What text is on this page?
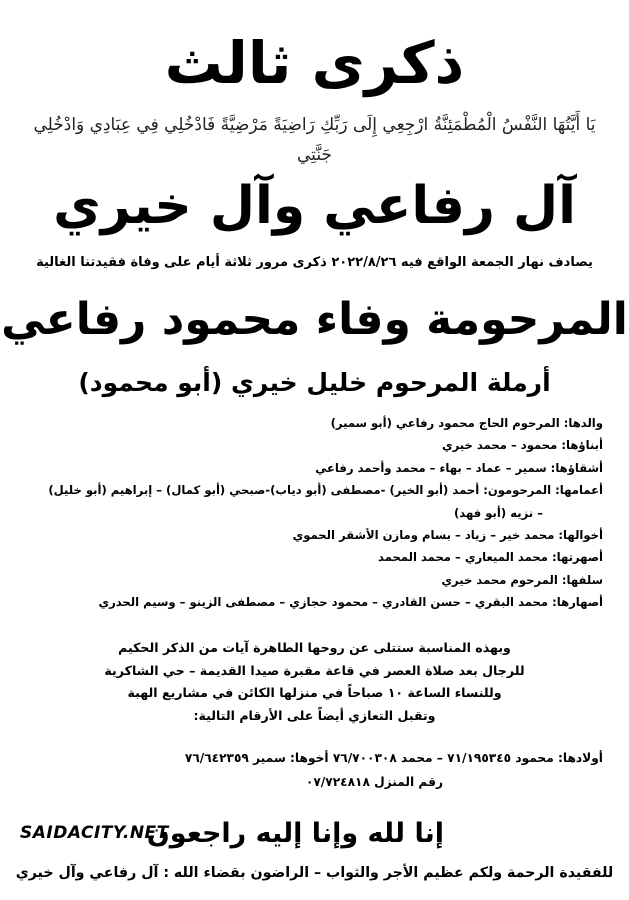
ذكرى ثالث
يَا أَيَّتُهَا النَّفْسُ الْمُطْمَئِنَّةُ ارْجِعِي إِلَى رَبِّكِ رَاضِيَةً مَرْضِيَّةً فَادْخُلِي فِي عِبَادِي وَادْخُلِي جَنَّتِي
آل رفاعي وآل خيري
يصادف نهار الجمعة الواقع فيه ٢٠٢٢/٨/٢٦ ذكرى مرور ثلاثة أيام على وفاة فقيدتنا الغالية
المرحومة وفاء محمود رفاعي
أرملة المرحوم خليل خيري (أبو محمود)
والدها: المرحوم الحاج محمود رفاعي (أبو سمير)
أبناؤها: محمود – محمد خيري
أشقاؤها: سمير – عماد – بهاء – محمد وأحمد رفاعي
أعمامها: المرحومون: أحمد (أبو الخير) -مصطفى (أبو دياب)-صبحي (أبو كمال) – إبراهيم (أبو خليل)
– نزيه (أبو فهد)
أخوالها: محمد خير – زياد – بسام ومازن الأشقر الحموي
أصهرتها: محمد الميعاري – محمد المحمد
سلفها: المرحوم محمد خيري
أصهارها: محمد البقري – حسن القادري – محمود حجازي – مصطفى الزينو – وسيم الحدري
وبهذه المناسبة ستتلى عن روحها الطاهرة آيات من الذكر الحكيم
للرجال بعد صلاة العصر في قاعة مقبرة صيدا القديمة – حي الشاكرية
وللنساء الساعة ١٠ صباحاً في منزلها الكائن في مشاريع الهبة
وتقبل التعازي أيضاً على الأرقام التالية:
أولادها: محمود ٧١/١٩٥٣٤٥ – محمد ٧٦/٧٠٠٣٠٨ أخوها: سمير ٧٦/٦٤٢٣٥٩
رقم المنزل ٠٧/٧٢٤٨١٨
إنا لله وإنا إليه راجعون
SAIDACITY.NET
للفقيدة الرحمة ولكم عظيم الأجر والثواب – الراضون بقضاء الله : آل رفاعي وآل خيري
